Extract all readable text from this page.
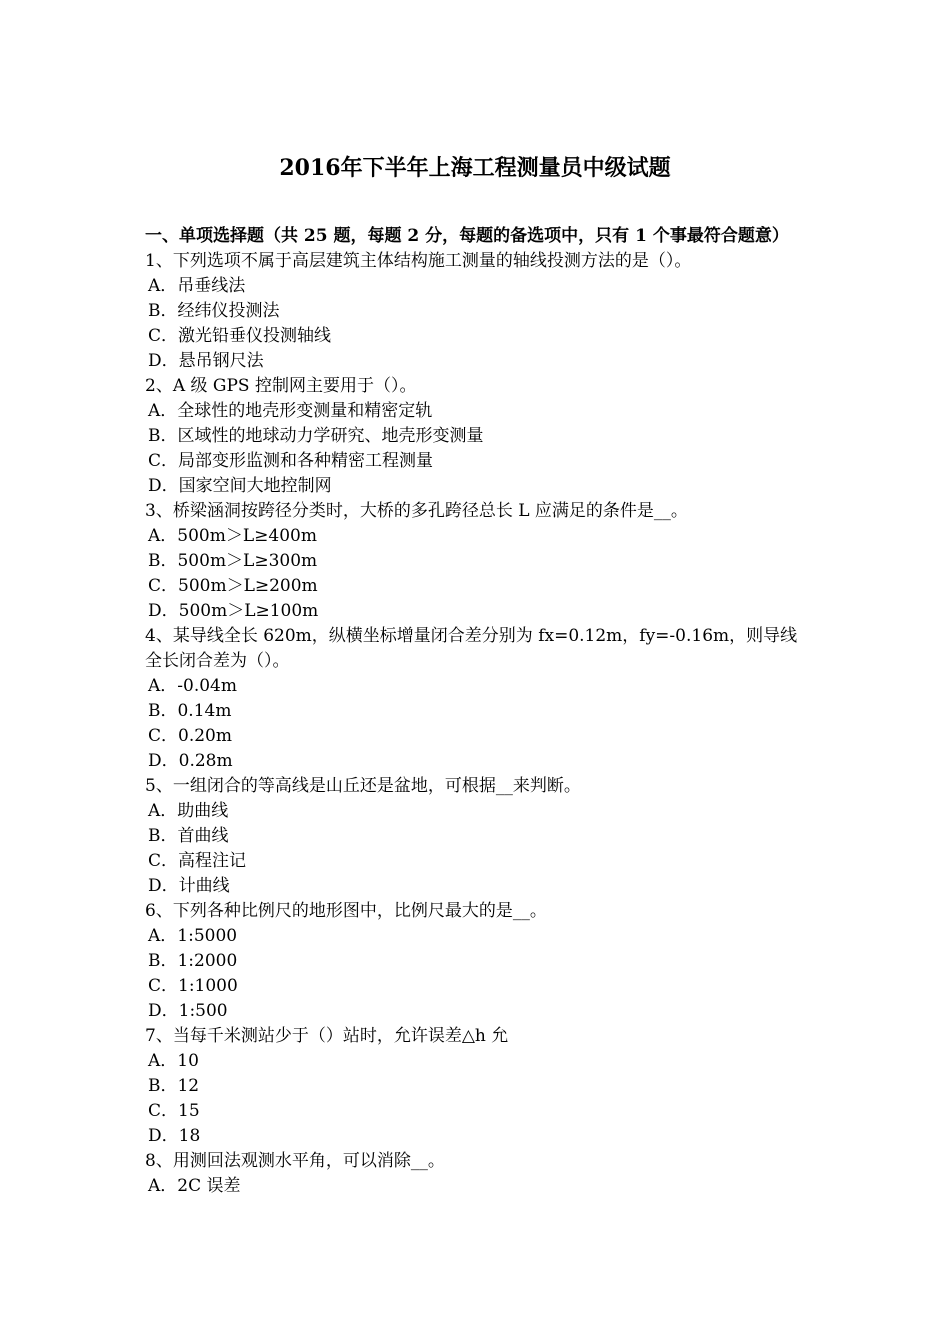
2016年下半年上海工程测量员中级试题

一、单项选择题（共 25 题，每题 2 分，每题的备选项中，只有 1 个事最符合题意）

1、下列选项不属于高层建筑主体结构施工测量的轴线投测方法的是（）。

A．吊垂线法

B．经纬仪投测法

C．激光铅垂仪投测轴线

D．悬吊钢尺法

2、A 级 GPS 控制网主要用于（）。

A．全球性的地壳形变测量和精密定轨

B．区域性的地球动力学研究、地壳形变测量

C．局部变形监测和各种精密工程测量

D．国家空间大地控制网

3、桥梁涵洞按跨径分类时，大桥的多孔跨径总长 L 应满足的条件是__。

A．500m＞L≥400m

B．500m＞L≥300m

C．500m＞L≥200m

D．500m＞L≥100m

4、某导线全长 620m，纵横坐标增量闭合差分别为 fx=0.12m，fy=-0.16m，则导线全长闭合差为（）。

A．-0.04m

B．0.14m

C．0.20m

D．0.28m

5、一组闭合的等高线是山丘还是盆地，可根据__来判断。

A．助曲线

B．首曲线

C．高程注记

D．计曲线

6、下列各种比例尺的地形图中，比例尺最大的是__。

A．1:5000

B．1:2000

C．1:1000

D．1:500

7、当每千米测站少于（）站时，允许误差△h 允

A．10

B．12

C．15

D．18

8、用测回法观测水平角，可以消除__。

A．2C 误差
